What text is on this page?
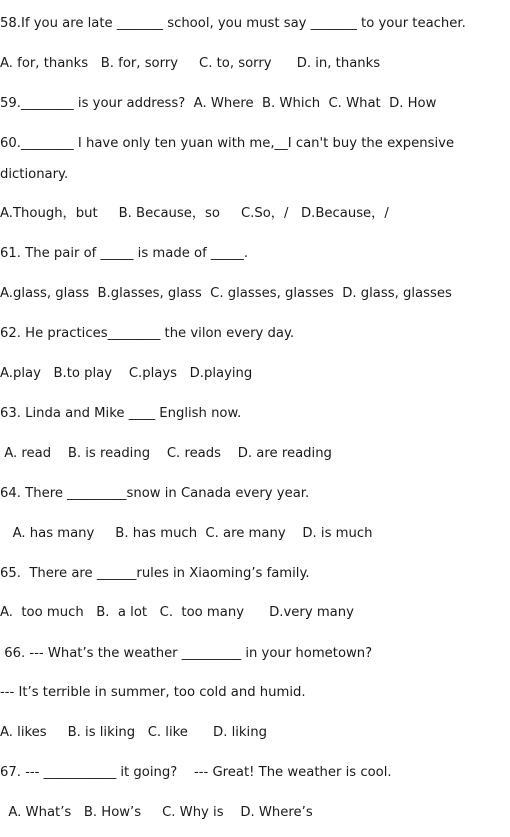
58.If you are late _______ school, you must say _______ to your teacher.
A. for, thanks   B. for, sorry     C. to, sorry      D. in, thanks
59.________ is your address?  A. Where  B. Which  C. What  D. How
60.________ I have only ten yuan with me,__I can't buy the expensive
dictionary.
A.Though，but     B. Because，so     C.So，/   D.Because，/
61. The pair of _____ is made of _____.
A.glass, glass  B.glasses, glass  C. glasses, glasses  D. glass, glasses
62. He practices________ the vilon every day.
A.play   B.to play    C.plays   D.playing
63. Linda and Mike ____ English now.
A. read    B. is reading    C. reads    D. are reading
64. There _________snow in Canada every year.
A. has many     B. has much  C. are many    D. is much
65.  There are ______rules in Xiaoming’s family.
A.  too much   B.  a lot   C.  too many      D.very many
66. --- What’s the weather _________ in your hometown?
--- It’s terrible in summer, too cold and humid.
A. likes     B. is liking   C. like      D. liking
67. --- ___________ it going?    --- Great! The weather is cool.
A. What’s   B. How’s     C. Why is    D. Where’s
